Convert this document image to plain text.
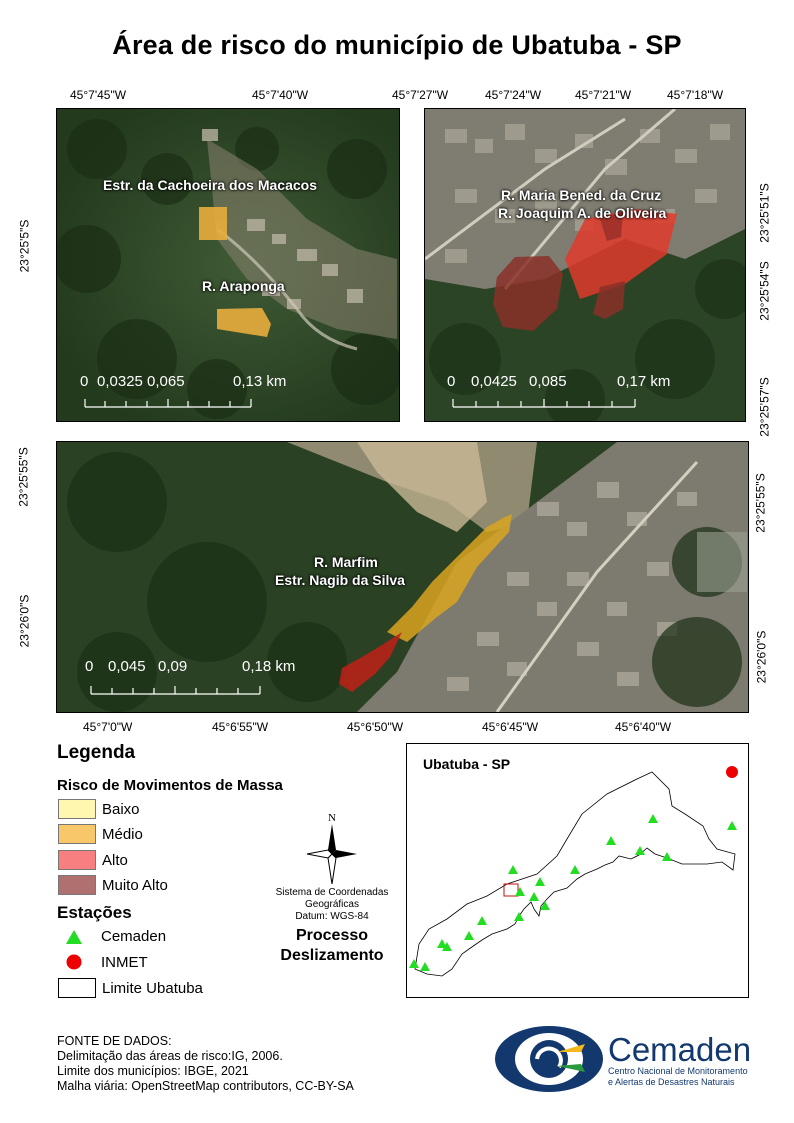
Área de risco do município de Ubatuba - SP
45°7'45"W	45°7'40"W
23°25'5"S
Estr. da Cachoeira dos Macacos
R. Araponga
0 0,0325 0,065	0,13 km
45°7'27"W	45°7'24"W	45°7'21"W	45°7'18"W
23°25'51"S
23°25'54"S
23°25'57"S
R. Maria Bened. da Cruz
R. Joaquim A. de Oliveira
0 0,0425 0,085	0,17 km
23°25'55"S
23°26'0"S
23°25'55"S
23°26'0"S
45°7'0"W	45°6'55"W	45°6'50"W	45°6'45"W	45°6'40"W
R. Marfim
Estr. Nagib da Silva
0 0,045 0,09	0,18 km
Legenda
Risco de Movimentos de Massa
Baixo
Médio
Alto
Muito Alto
Estações
Cemaden
INMET
Limite Ubatuba
N
Sistema de Coordenadas
Geográficas
Datum: WGS-84
Processo
Deslizamento
Ubatuba - SP
FONTE DE DADOS:
Delimitação das áreas de risco:IG, 2006.
Limite dos municípios: IBGE, 2021
Malha viária: OpenStreetMap contributors, CC-BY-SA
Cemaden
Centro Nacional de Monitoramento
e Alertas de Desastres Naturais
